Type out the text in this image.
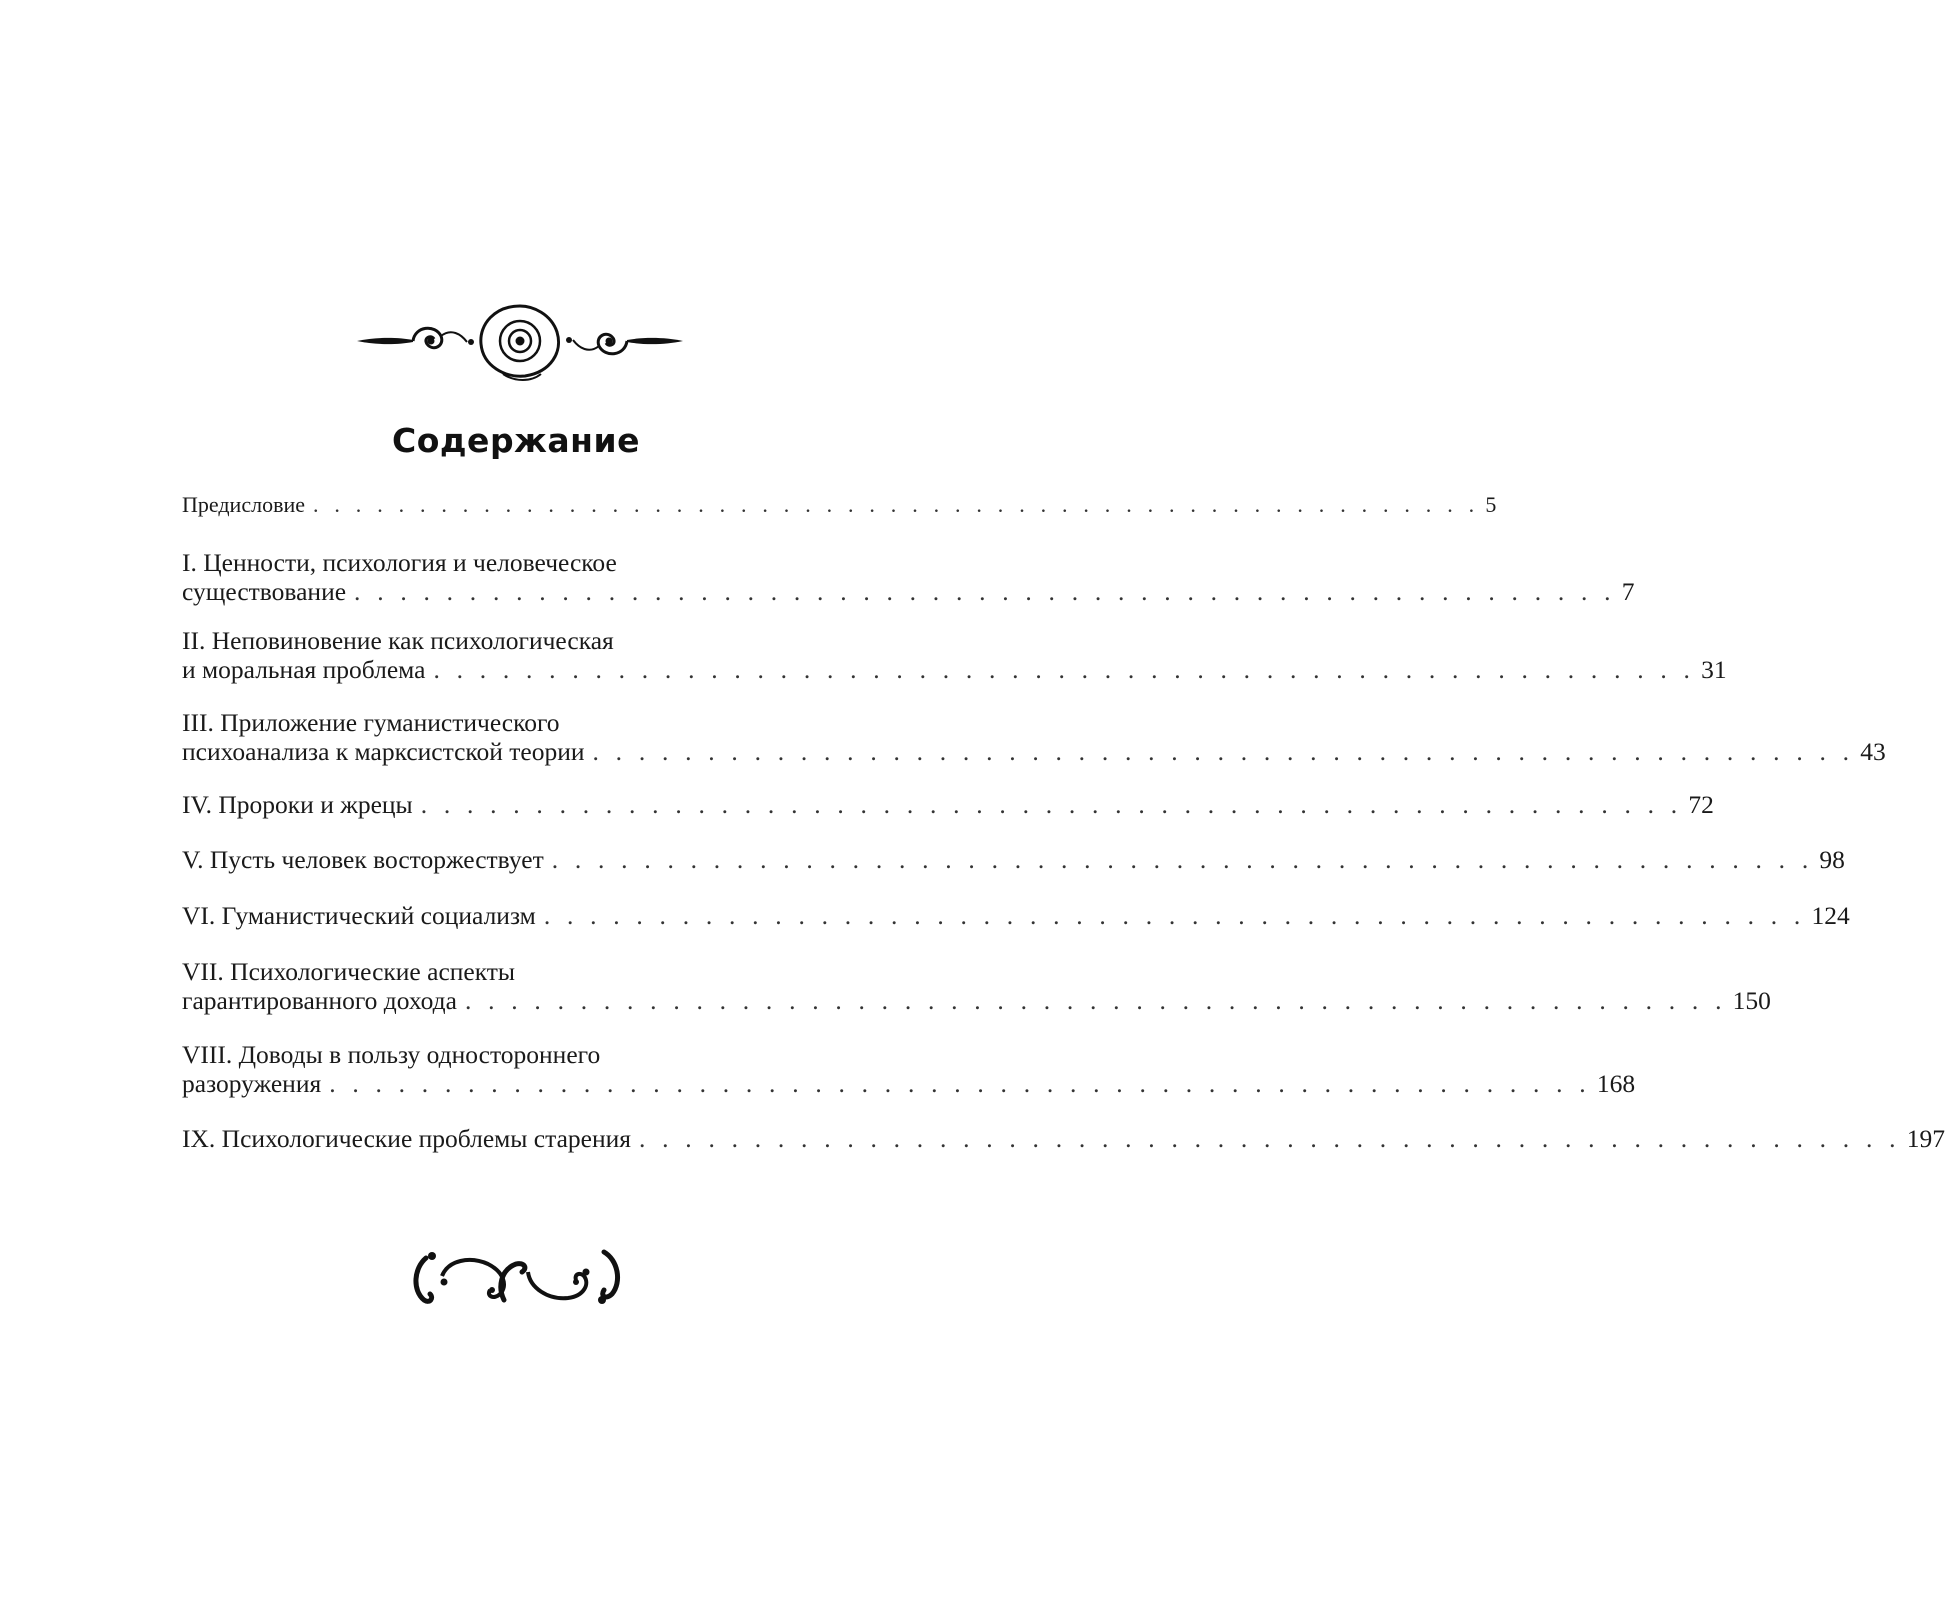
Содержание
Предисловие . . . . . . . . . . . . . . . . . . . . . . . . . . . . . . . . . . . . . . . . . . . . . . . . . . . . . . . 5
I. Ценности, психология и человеческое
существование . . . . . . . . . . . . . . . . . . . . . . . . . . . . . . . . . . . . . . . . . . . . . . . . . . . . . . . 7
II. Неповиновение как психологическая
и моральная проблема . . . . . . . . . . . . . . . . . . . . . . . . . . . . . . . . . . . . . . . . . . . . . . . . . . . . . . . 31
III. Приложение гуманистического
психоанализа к марксистской теории . . . . . . . . . . . . . . . . . . . . . . . . . . . . . . . . . . . . . . . . . . . . . . . . . . . . . . . 43
IV. Пророки и жрецы . . . . . . . . . . . . . . . . . . . . . . . . . . . . . . . . . . . . . . . . . . . . . . . . . . . . . . . 72
V. Пусть человек восторжествует . . . . . . . . . . . . . . . . . . . . . . . . . . . . . . . . . . . . . . . . . . . . . . . . . . . . . . . 98
VI. Гуманистический социализм . . . . . . . . . . . . . . . . . . . . . . . . . . . . . . . . . . . . . . . . . . . . . . . . . . . . . . . 124
VII. Психологические аспекты
гарантированного дохода . . . . . . . . . . . . . . . . . . . . . . . . . . . . . . . . . . . . . . . . . . . . . . . . . . . . . . . 150
VIII. Доводы в пользу одностороннего
разоружения . . . . . . . . . . . . . . . . . . . . . . . . . . . . . . . . . . . . . . . . . . . . . . . . . . . . . . . 168
IX. Психологические проблемы старения . . . . . . . . . . . . . . . . . . . . . . . . . . . . . . . . . . . . . . . . . . . . . . . . . . . . . . . 197
